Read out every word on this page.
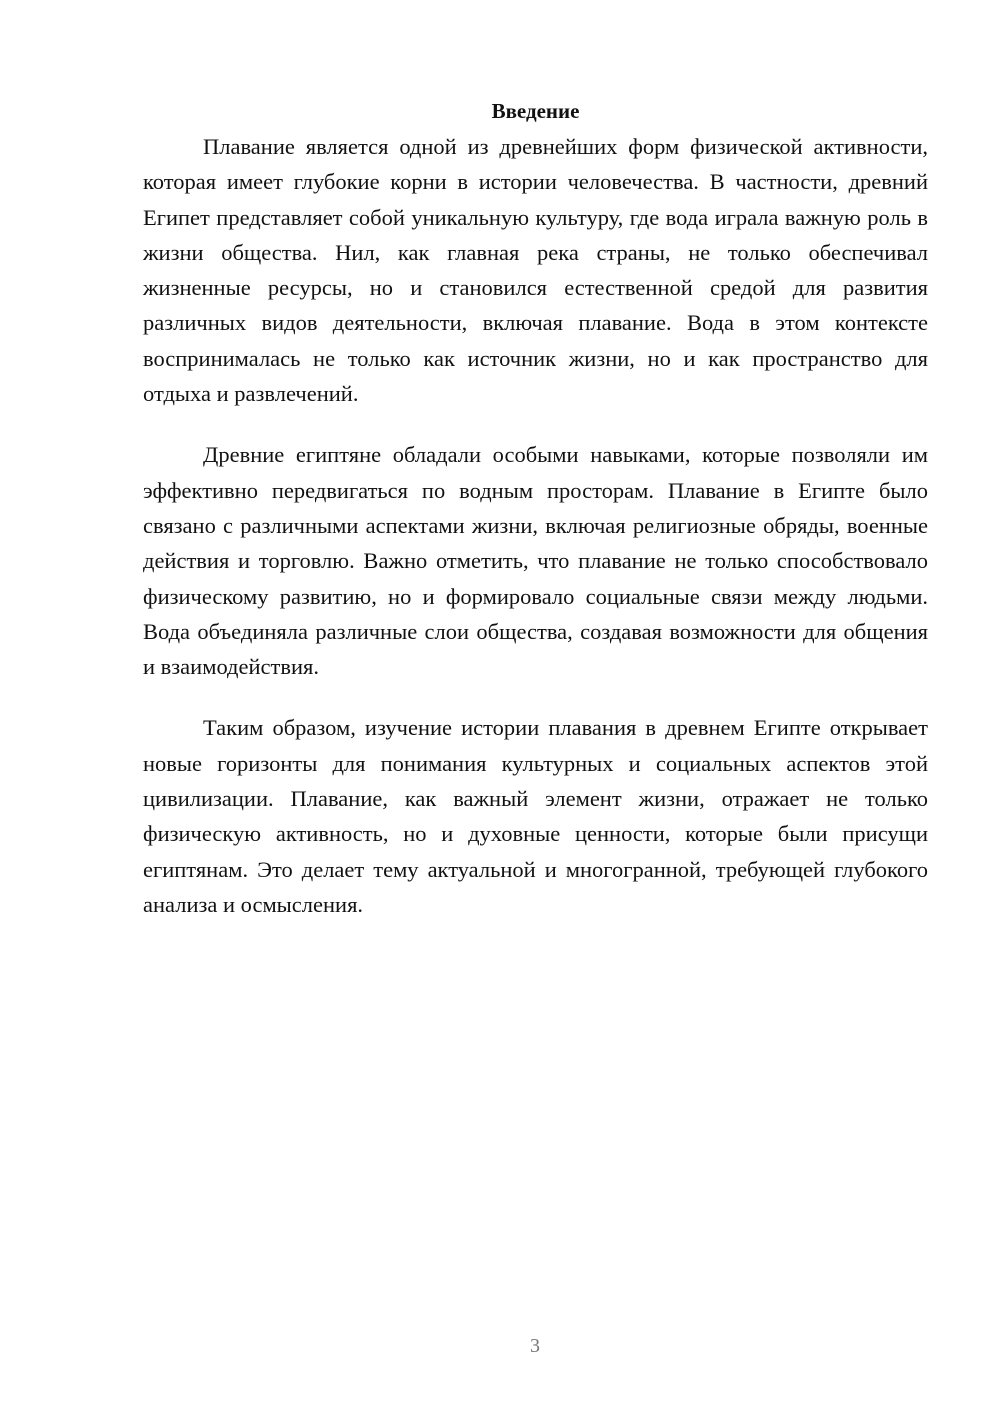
Введение

Плавание является одной из древнейших форм физической активности, которая имеет глубокие корни в истории человечества. В частности, древний Египет представляет собой уникальную культуру, где вода играла важную роль в жизни общества. Нил, как главная река страны, не только обеспечивал жизненные ресурсы, но и становился естественной средой для развития различных видов деятельности, включая плавание. Вода в этом контексте воспринималась не только как источник жизни, но и как пространство для отдыха и развлечений.

Древние египтяне обладали особыми навыками, которые позволяли им эффективно передвигаться по водным просторам. Плавание в Египте было связано с различными аспектами жизни, включая религиозные обряды, военные действия и торговлю. Важно отметить, что плавание не только способствовало физическому развитию, но и формировало социальные связи между людьми. Вода объединяла различные слои общества, создавая возможности для общения и взаимодействия.

Таким образом, изучение истории плавания в древнем Египте открывает новые горизонты для понимания культурных и социальных аспектов этой цивилизации. Плавание, как важный элемент жизни, отражает не только физическую активность, но и духовные ценности, которые были присущи египтянам. Это делает тему актуальной и многогранной, требующей глубокого анализа и осмысления.

3
